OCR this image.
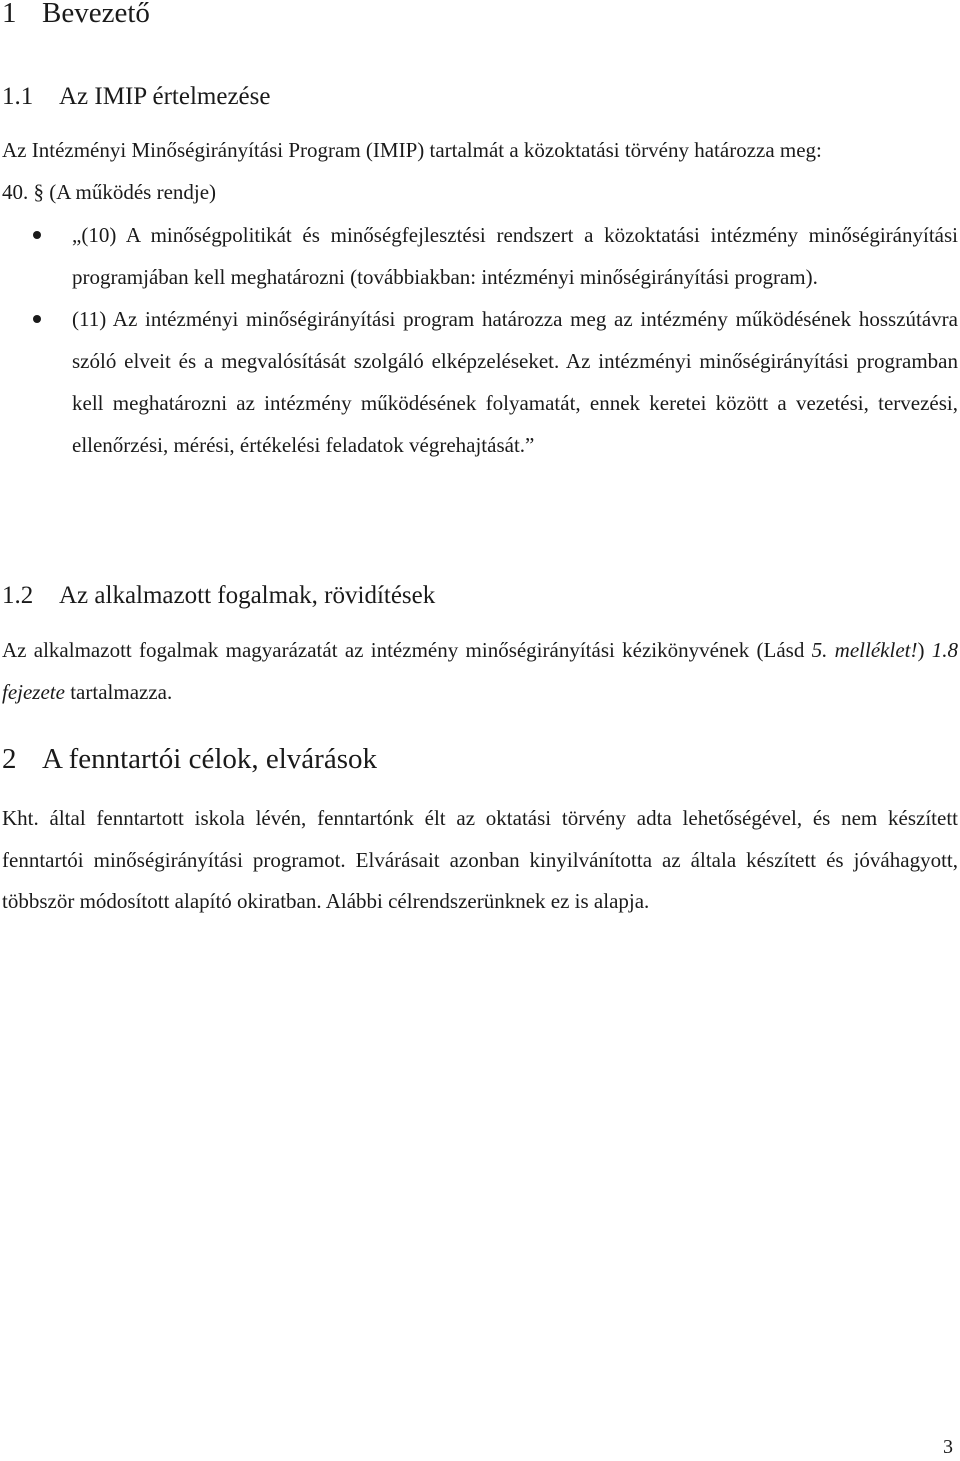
1 Bevezető
1.1 Az IMIP értelmezése

Az Intézményi Minőségirányítási Program (IMIP) tartalmát a közoktatási törvény határozza meg:
40. § (A működés rendje)

„(10) A minőségpolitikát és minőségfejlesztési rendszert a közoktatási intézmény minőségirányítási programjában kell meghatározni (továbbiakban: intézményi minőségirányítási program).
(11) Az intézményi minőségirányítási program határozza meg az intézmény működésének hosszútávra szóló elveit és a megvalósítását szolgáló elképzeléseket. Az intézményi minőségirányítási programban kell meghatározni az intézmény működésének folyamatát, ennek keretei között a vezetési, tervezési, ellenőrzési, mérési, értékelési feladatok végrehajtását.”
1.2 Az alkalmazott fogalmak, rövidítések

Az alkalmazott fogalmak magyarázatát az intézmény minőségirányítási kézikönyvének (Lásd 5. melléklet!) 1.8 fejezete tartalmazza.

2 A fenntartói célok, elvárások

Kht. által fenntartott iskola lévén, fenntartónk élt az oktatási törvény adta lehetőségével, és nem készített fenntartói minőségirányítási programot. Elvárásait azonban kinyilvánította az általa készített és jóváhagyott, többször módosított alapító okiratban. Alábbi célrendszerünknek ez is alapja.

3
